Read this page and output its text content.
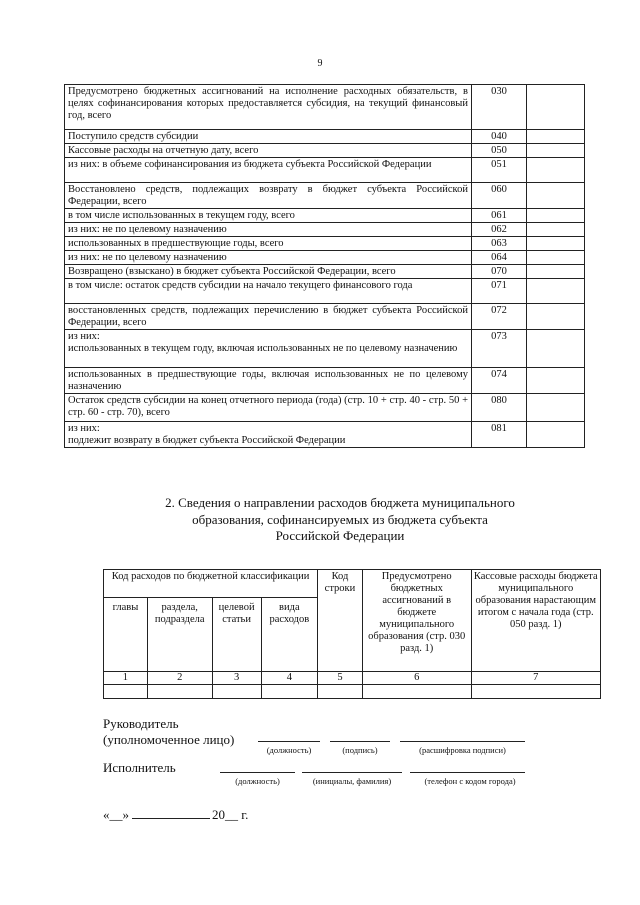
9
Предусмотрено бюджетных ассигнований на исполнение расходных обязательств, в целях софинансирования которых предоставляется субсидия, на текущий финансовый год, всего	030	
Поступило средств субсидии	040	
Кассовые расходы на отчетную дату, всего	050	
из них: в объеме софинансирования из бюджета субъекта Российской Федерации	051	
Восстановлено средств, подлежащих возврату в бюджет субъекта Российской Федерации, всего	060	
в том числе использованных в текущем году, всего	061	
из них: не по целевому назначению	062	
использованных в предшествующие годы, всего	063	
из них: не по целевому назначению	064	
Возвращено (взыскано) в бюджет субъекта Российской Федерации, всего	070	
в том числе: остаток средств субсидии на начало текущего финансового года	071	
восстановленных средств, подлежащих перечислению в бюджет субъекта Российской Федерации, всего	072	
из них:
использованных в текущем году, включая использованных не по целевому назначению	073	
использованных в предшествующие годы, включая использованных не по целевому назначению	074	
Остаток средств субсидии на конец отчетного периода (года) (стр. 10 + стр. 40 - стр. 50 + стр. 60 - стр. 70), всего	080	
из них:
подлежит возврату в бюджет субъекта Российской Федерации	081	
2. Сведения о направлении расходов бюджета муниципального образования, софинансируемых из бюджета субъекта Российской Федерации
Код расходов по бюджетной классификации				Код строки	Предусмотрено бюджетных ассигнований в бюджете муниципального образования (стр. 030 разд. 1)	Кассовые расходы бюджета муниципального образования нарастающим итогом с начала года (стр. 050 разд. 1)
главы	раздела, подраздела	целевой статьи	вида расходов			
1	2	3	4	5	6	7

Руководитель
(уполномоченное лицо)
(должность)	(подпись)	(расшифровка подписи)
Исполнитель
(должность)	(инициалы, фамилия)	(телефон с кодом города)
«__»	20__ г.
